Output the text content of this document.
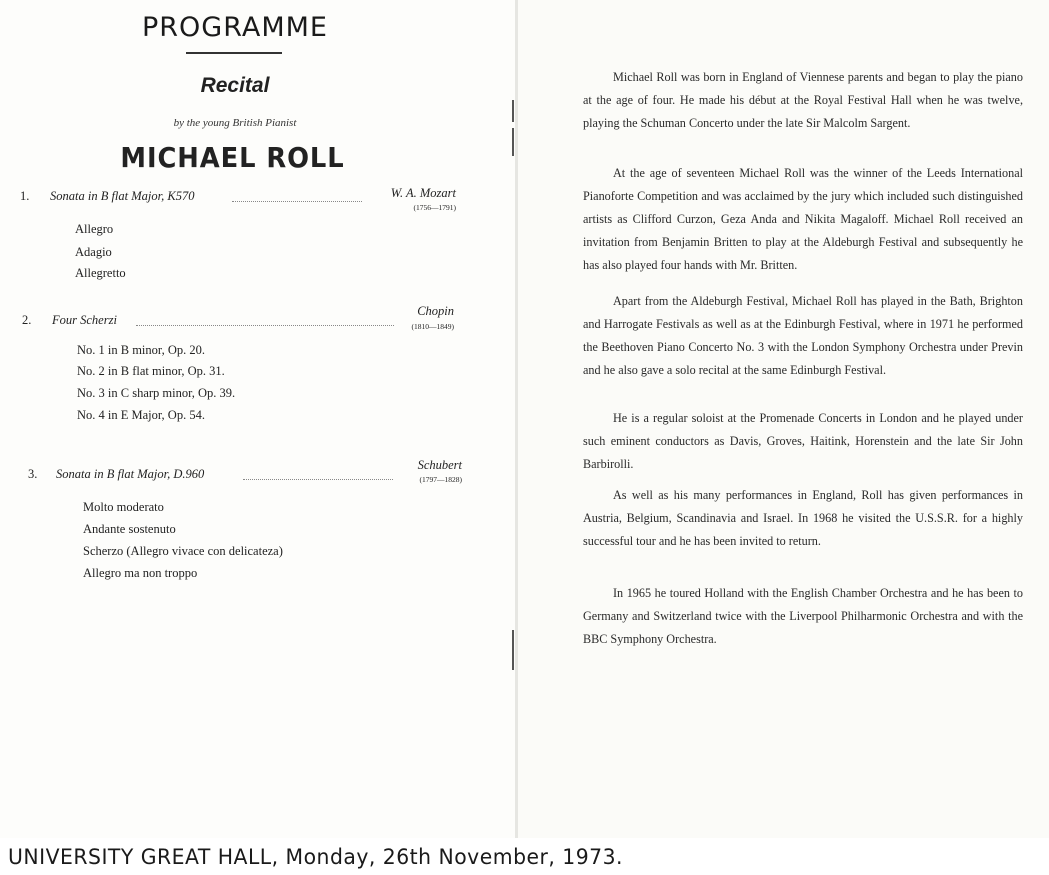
PROGRAMME
Recital
by the young British Pianist
MICHAEL ROLL
1. Sonata in B flat Major, K570	W. A. Mozart
(1756—1791)
Allegro
Adagio
Allegretto
2. Four Scherzi
Chopin
(1810—1849)
No. 1 in B minor, Op. 20.
No. 2 in B flat minor, Op. 31.
No. 3 in C sharp minor, Op. 39.
No. 4 in E Major, Op. 54.
3. Sonata in B flat Major, D.960
Schubert
(1797—1828)
Molto moderato
Andante sostenuto
Scherzo (Allegro vivace con delicateza)
Allegro ma non troppo

Michael Roll was born in England of Viennese parents and began to play the piano at the age of four. He made his début at the Royal Festival Hall when he was twelve, playing the Schuman Concerto under the late Sir Malcolm Sargent.

At the age of seventeen Michael Roll was the winner of the Leeds International Pianoforte Competition and was acclaimed by the jury which included such distinguished artists as Clifford Curzon, Geza Anda and Nikita Magaloff. Michael Roll received an invitation from Benjamin Britten to play at the Aldeburgh Festival and subsequently he has also played four hands with Mr. Britten.

Apart from the Aldeburgh Festival, Michael Roll has played in the Bath, Brighton and Harrogate Festivals as well as at the Edinburgh Festival, where in 1971 he performed the Beethoven Piano Concerto No. 3 with the London Symphony Orchestra under Previn and he also gave a solo recital at the same Edinburgh Festival.

He is a regular soloist at the Promenade Concerts in London and he played under such eminent conductors as Davis, Groves, Haitink, Horenstein and the late Sir John Barbirolli.

As well as his many performances in England, Roll has given performances in Austria, Belgium, Scandinavia and Israel. In 1968 he visited the U.S.S.R. for a highly successful tour and he has been invited to return.

In 1965 he toured Holland with the English Chamber Orchestra and he has been to Germany and Switzerland twice with the Liverpool Philharmonic Orchestra and with the BBC Symphony Orchestra.

UNIVERSITY GREAT HALL, Monday, 26th November, 1973.
